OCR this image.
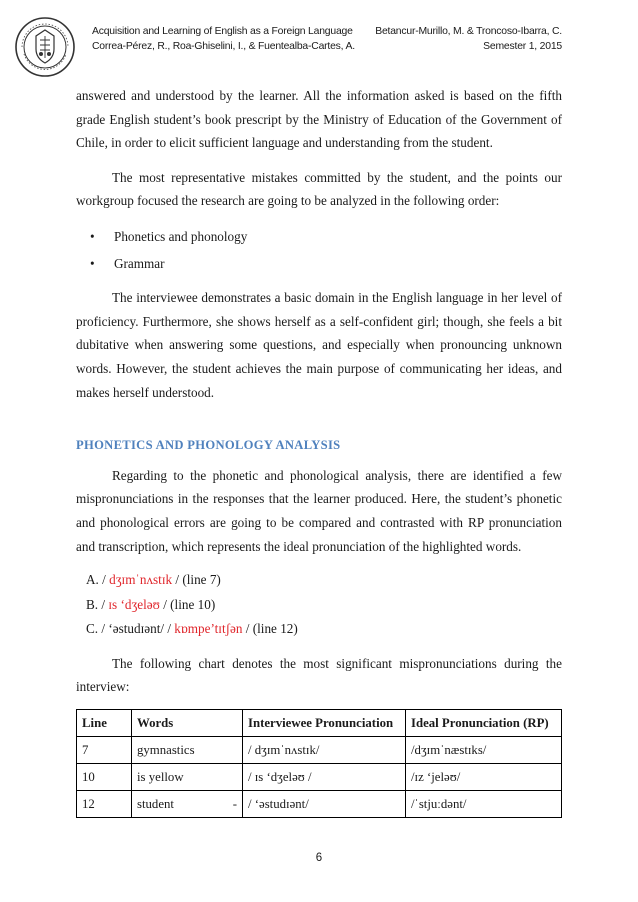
Acquisition and Learning of English as a Foreign Language
Correa-Pérez, R., Roa-Ghiselini, I., & Fuentealba-Cartes, A.
Betancur-Murillo, M. & Troncoso-Ibarra, C.
Semester 1, 2015

answered and understood by the learner. All the information asked is based on the fifth grade English student’s book prescript by the Ministry of Education of the Government of Chile, in order to elicit sufficient language and understanding from the student.

The most representative mistakes committed by the student, and the points our workgroup focused the research are going to be analyzed in the following order:

• Phonetics and phonology
• Grammar

The interviewee demonstrates a basic domain in the English language in her level of proficiency. Furthermore, she shows herself as a self-confident girl; though, she feels a bit dubitative when answering some questions, and especially when pronouncing unknown words. However, the student achieves the main purpose of communicating her ideas, and makes herself understood.

PHONETICS AND PHONOLOGY ANALYSIS

Regarding to the phonetic and phonological analysis, there are identified a few mispronunciations in the responses that the learner produced. Here, the student’s phonetic and phonological errors are going to be compared and contrasted with RP pronunciation and transcription, which represents the ideal pronunciation of the highlighted words.

A. / dʒɪmˈnʌstɪk / (line 7)
B. / ɪs ‘dʒeləʊ / (line 10)
C. / ‘əstudɪənt/ / kɒmpe’tɪtʃən / (line 12)

The following chart denotes the most significant mispronunciations during the interview:

Line	Words	Interviewee Pronunciation	Ideal Pronunciation (RP)
7	gymnastics	/ dʒɪmˈnʌstɪk/	/dʒɪmˈnæstɪks/
10	is yellow	/ ɪs ‘dʒeləʊ /	/ɪz ‘jeləʊ/
12	student -	/ ‘əstudɪənt/	/ˈstjuːdənt/
6
